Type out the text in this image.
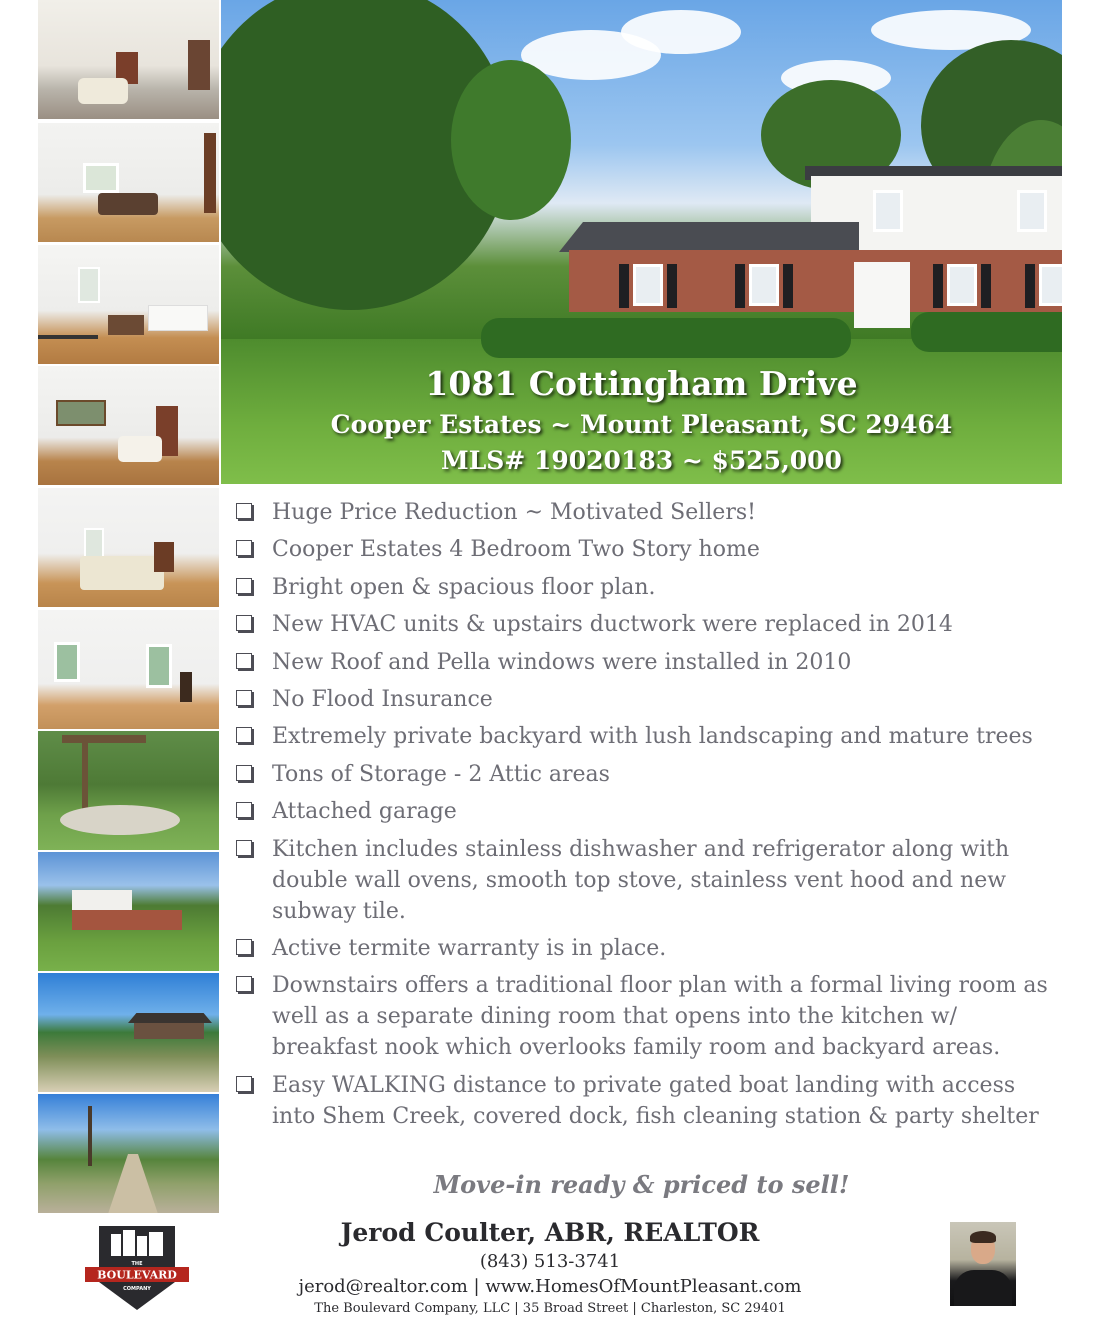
1081 Cottingham Drive
Cooper Estates ~ Mount Pleasant, SC 29464
MLS# 19020183 ~ $525,000
Huge Price Reduction ~ Motivated Sellers!
Cooper Estates 4 Bedroom Two Story home
Bright open & spacious floor plan.
New HVAC units & upstairs ductwork were replaced in 2014
New Roof and Pella windows were installed in 2010
No Flood Insurance
Extremely private backyard with lush landscaping and mature trees
Tons of Storage - 2 Attic areas
Attached garage
Kitchen includes stainless dishwasher and refrigerator along with double wall ovens, smooth top stove, stainless vent hood and new subway tile.
Active termite warranty is in place.
Downstairs offers a traditional floor plan with a formal living room as well as a separate dining room that opens into the kitchen w/ breakfast nook which overlooks family room and backyard areas.
Easy WALKING distance to private gated boat landing with access into Shem Creek, covered dock, fish cleaning station & party shelter
Move-in ready & priced to sell!
THE
BOULEVARD
COMPANY
Jerod Coulter, ABR, REALTOR
(843) 513-3741
jerod@realtor.com | www.HomesOfMountPleasant.com
The Boulevard Company, LLC | 35 Broad Street | Charleston, SC 29401
